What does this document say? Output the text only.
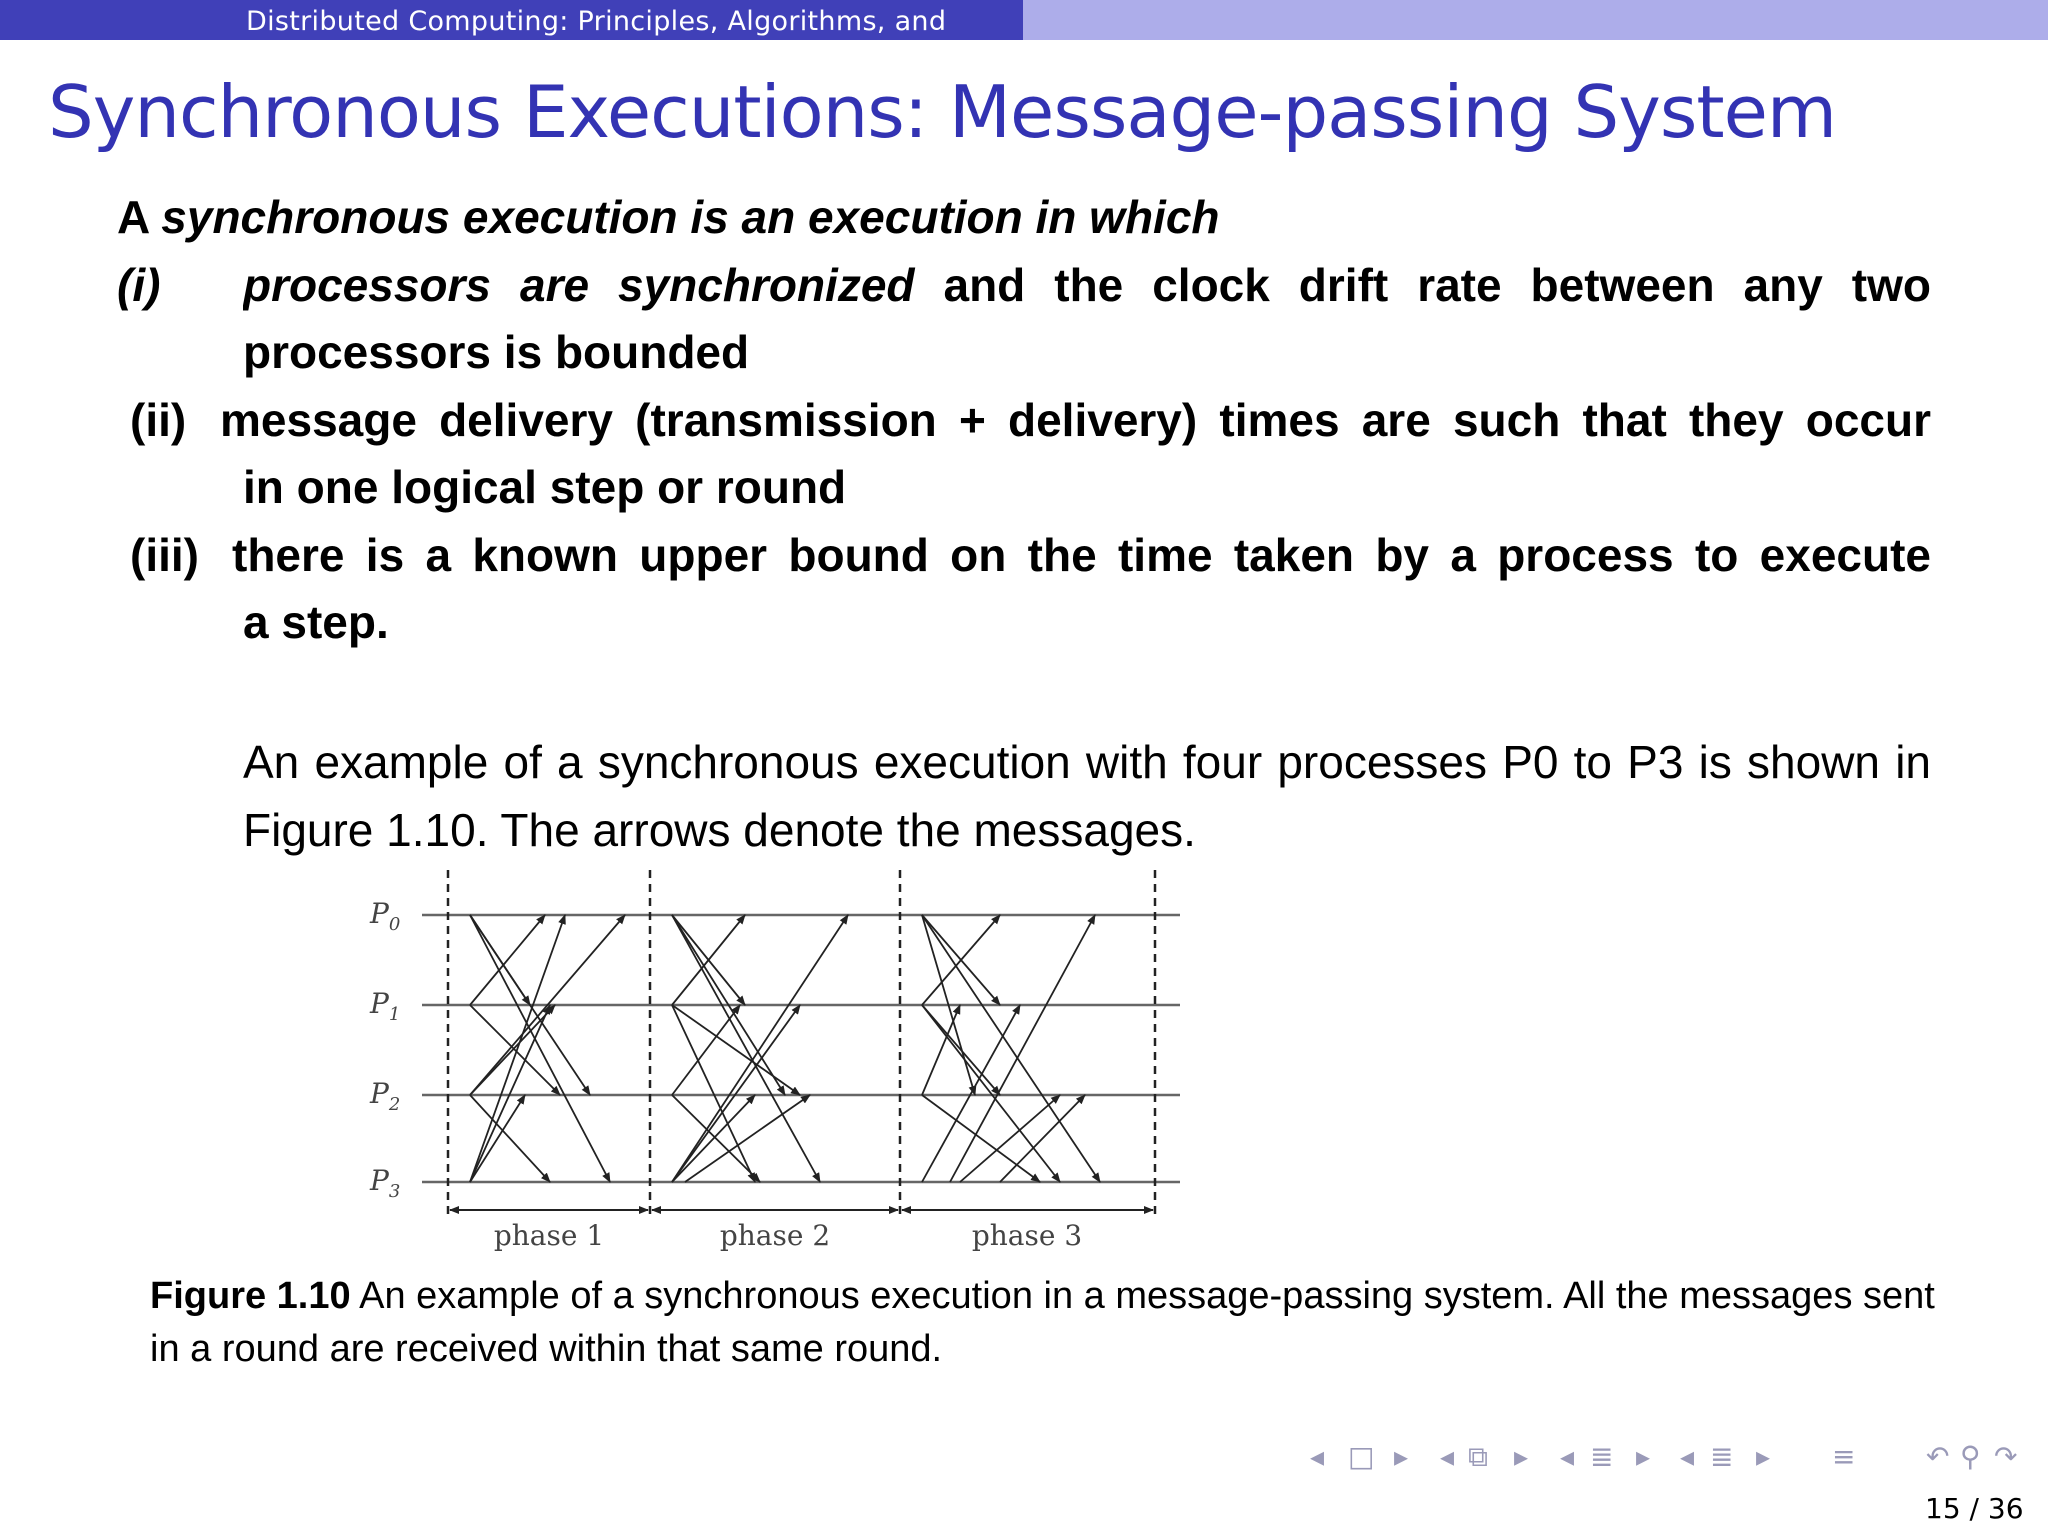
Distributed Computing: Principles, Algorithms, and
Synchronous Executions: Message-passing System
A synchronous execution is an execution in which
(i) processors are synchronized and the clock drift rate between any two
processors is bounded
(ii) message delivery (transmission + delivery) times are such that they occur
in one logical step or round
(iii) there is a known upper bound on the time taken by a process to execute
a step.
An example of a synchronous execution with four processes P0 to P3 is shown in Figure 1.10. The arrows denote the messages.
$P_0$
$P_1$
$P_2$
$P_3$
phase 1	phase 2	phase 3
Figure 1.10 An example of a synchronous execution in a message-passing system. All the messages sent in a round are received within that same round.
◂ □ ▸ ◂ ⧉ ▸ ◂ ≣ ▸ ◂ ≣ ▸ ≡	↶ ⚲ ↷
15 / 36
